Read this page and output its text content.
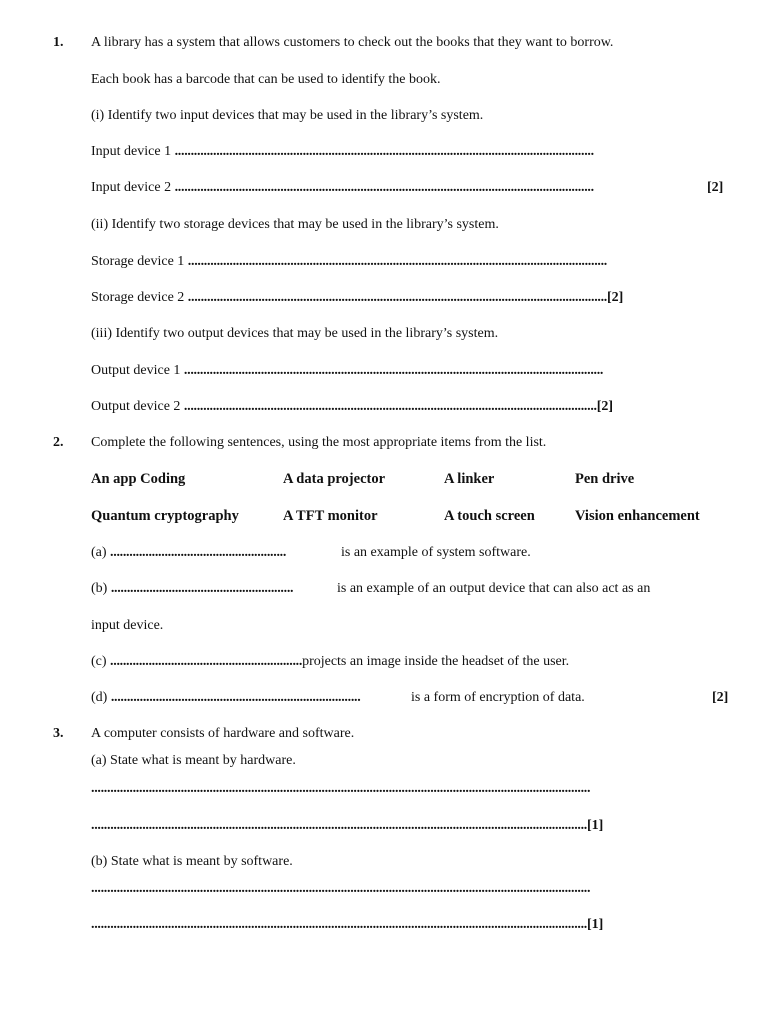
1. A library has a system that allows customers to check out the books that they want to borrow.
Each book has a barcode that can be used to identify the book.
(i) Identify two input devices that may be used in the library’s system.
Input device 1 ...................................................................................................................................
Input device 2 ...................................................................................................................................	[2]
(ii) Identify two storage devices that may be used in the library’s system.
Storage device 1 ...................................................................................................................................
Storage device 2 ...................................................................................................................................[2]
(iii) Identify two output devices that may be used in the library’s system.
Output device 1 ...................................................................................................................................
Output device 2 .................................................................................................................................[2]
2. Complete the following sentences, using the most appropriate items from the list.
An app Coding	A data projector	A linker	Pen drive
Quantum cryptography	A TFT monitor	A touch screen	Vision enhancement
(a) .......................................................	is an example of system software.
(b) .........................................................	is an example of an output device that can also act as an
input device.
(c) ............................................................projects an image inside the headset of the user.
(d) ..............................................................................	is a form of encryption of data.	[2]
3. A computer consists of hardware and software.
(a) State what is meant by hardware.
............................................................................................................................................................
...........................................................................................................................................................[1]
(b) State what is meant by software.
............................................................................................................................................................
...........................................................................................................................................................[1]
